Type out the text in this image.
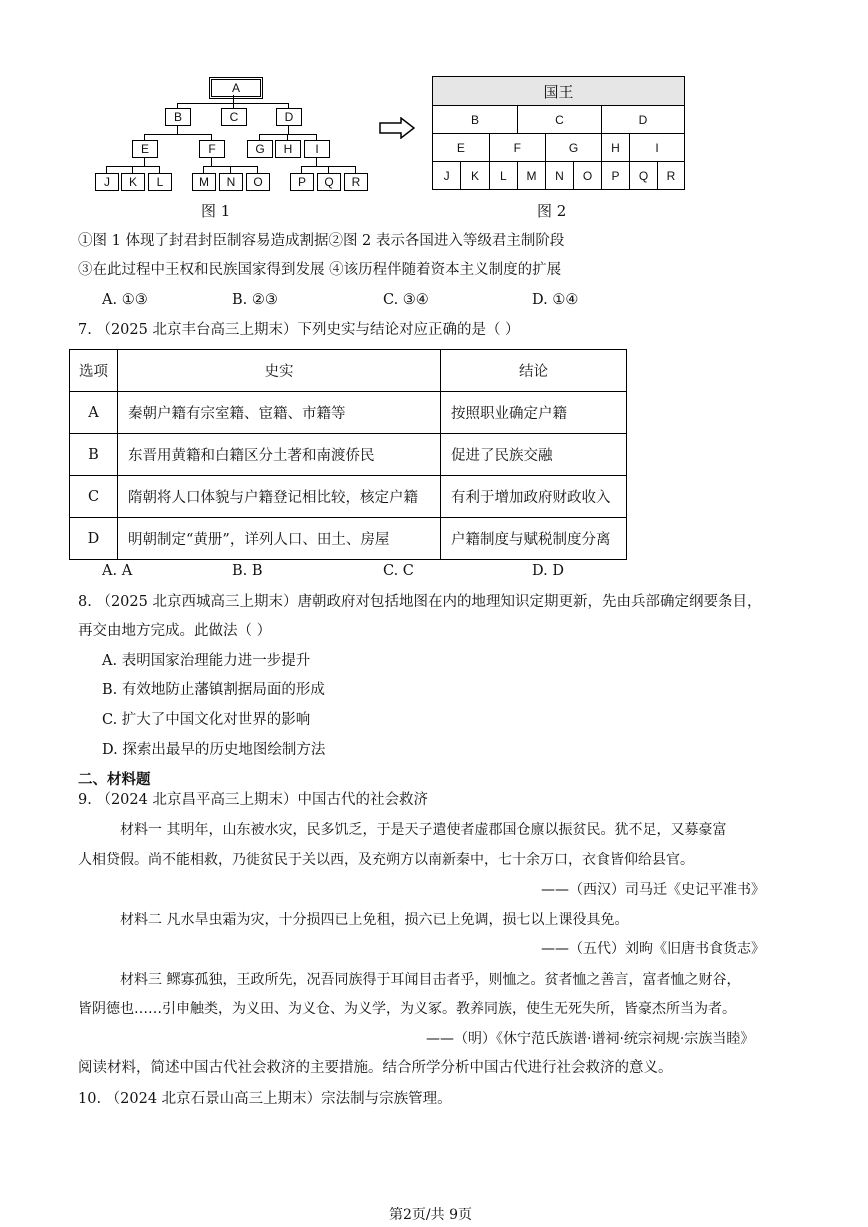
A
B	C	D
E	F	G	H	I
J	K	L	M	N	O	P	Q	R
图 1
国王								
B			C			D		
E		F		G		H	I	
J	K	L	M	N	O	P	Q	R
图 2
①图 1 体现了封君封臣制容易造成割据②图 2 表示各国进入等级君主制阶段
③在此过程中王权和民族国家得到发展 ④该历程伴随着资本主义制度的扩展
A. ①③	B. ②③	C. ③④	D. ①④
7. （2025 北京丰台高三上期末）下列史实与结论对应正确的是（ ）
选项	史实	结论
A	秦朝户籍有宗室籍、宦籍、市籍等	按照职业确定户籍
B	东晋用黄籍和白籍区分土著和南渡侨民	促进了民族交融
C	隋朝将人口体貌与户籍登记相比较，核定户籍	有利于增加政府财政收入
D	明朝制定“黄册”，详列人口、田土、房屋	户籍制度与赋税制度分离
A. A	B. B	C. C	D. D
8. （2025 北京西城高三上期末）唐朝政府对包括地图在内的地理知识定期更新，先由兵部确定纲要条目，
再交由地方完成。此做法（ ）
A. 表明国家治理能力进一步提升
B. 有效地防止藩镇割据局面的形成
C. 扩大了中国文化对世界的影响
D. 探索出最早的历史地图绘制方法
二、材料题
9. （2024 北京昌平高三上期末）中国古代的社会救济
材料一 其明年，山东被水灾，民多饥乏，于是天子遣使者虚郡国仓廪以振贫民。犹不足，又募豪富
人相贷假。尚不能相救，乃徙贫民于关以西，及充朔方以南新秦中，七十余万口，衣食皆仰给县官。
——（西汉）司马迁《史记平准书》
材料二 凡水旱虫霜为灾，十分损四已上免租，损六已上免调，损七以上课役具免。
——（五代）刘昫《旧唐书食货志》
材料三 鳏寡孤独，王政所先，况吾同族得于耳闻目击者乎，则恤之。贫者恤之善言，富者恤之财谷，
皆阴德也……引申触类，为义田、为义仓、为义学，为义冢。教养同族，使生无死失所，皆豪杰所当为者。
——（明）《休宁范氏族谱·谱祠·统宗祠规·宗族当睦》
阅读材料，简述中国古代社会救济的主要措施。结合所学分析中国古代进行社会救济的意义。
10. （2024 北京石景山高三上期末）宗法制与宗族管理。
第2页/共 9页
